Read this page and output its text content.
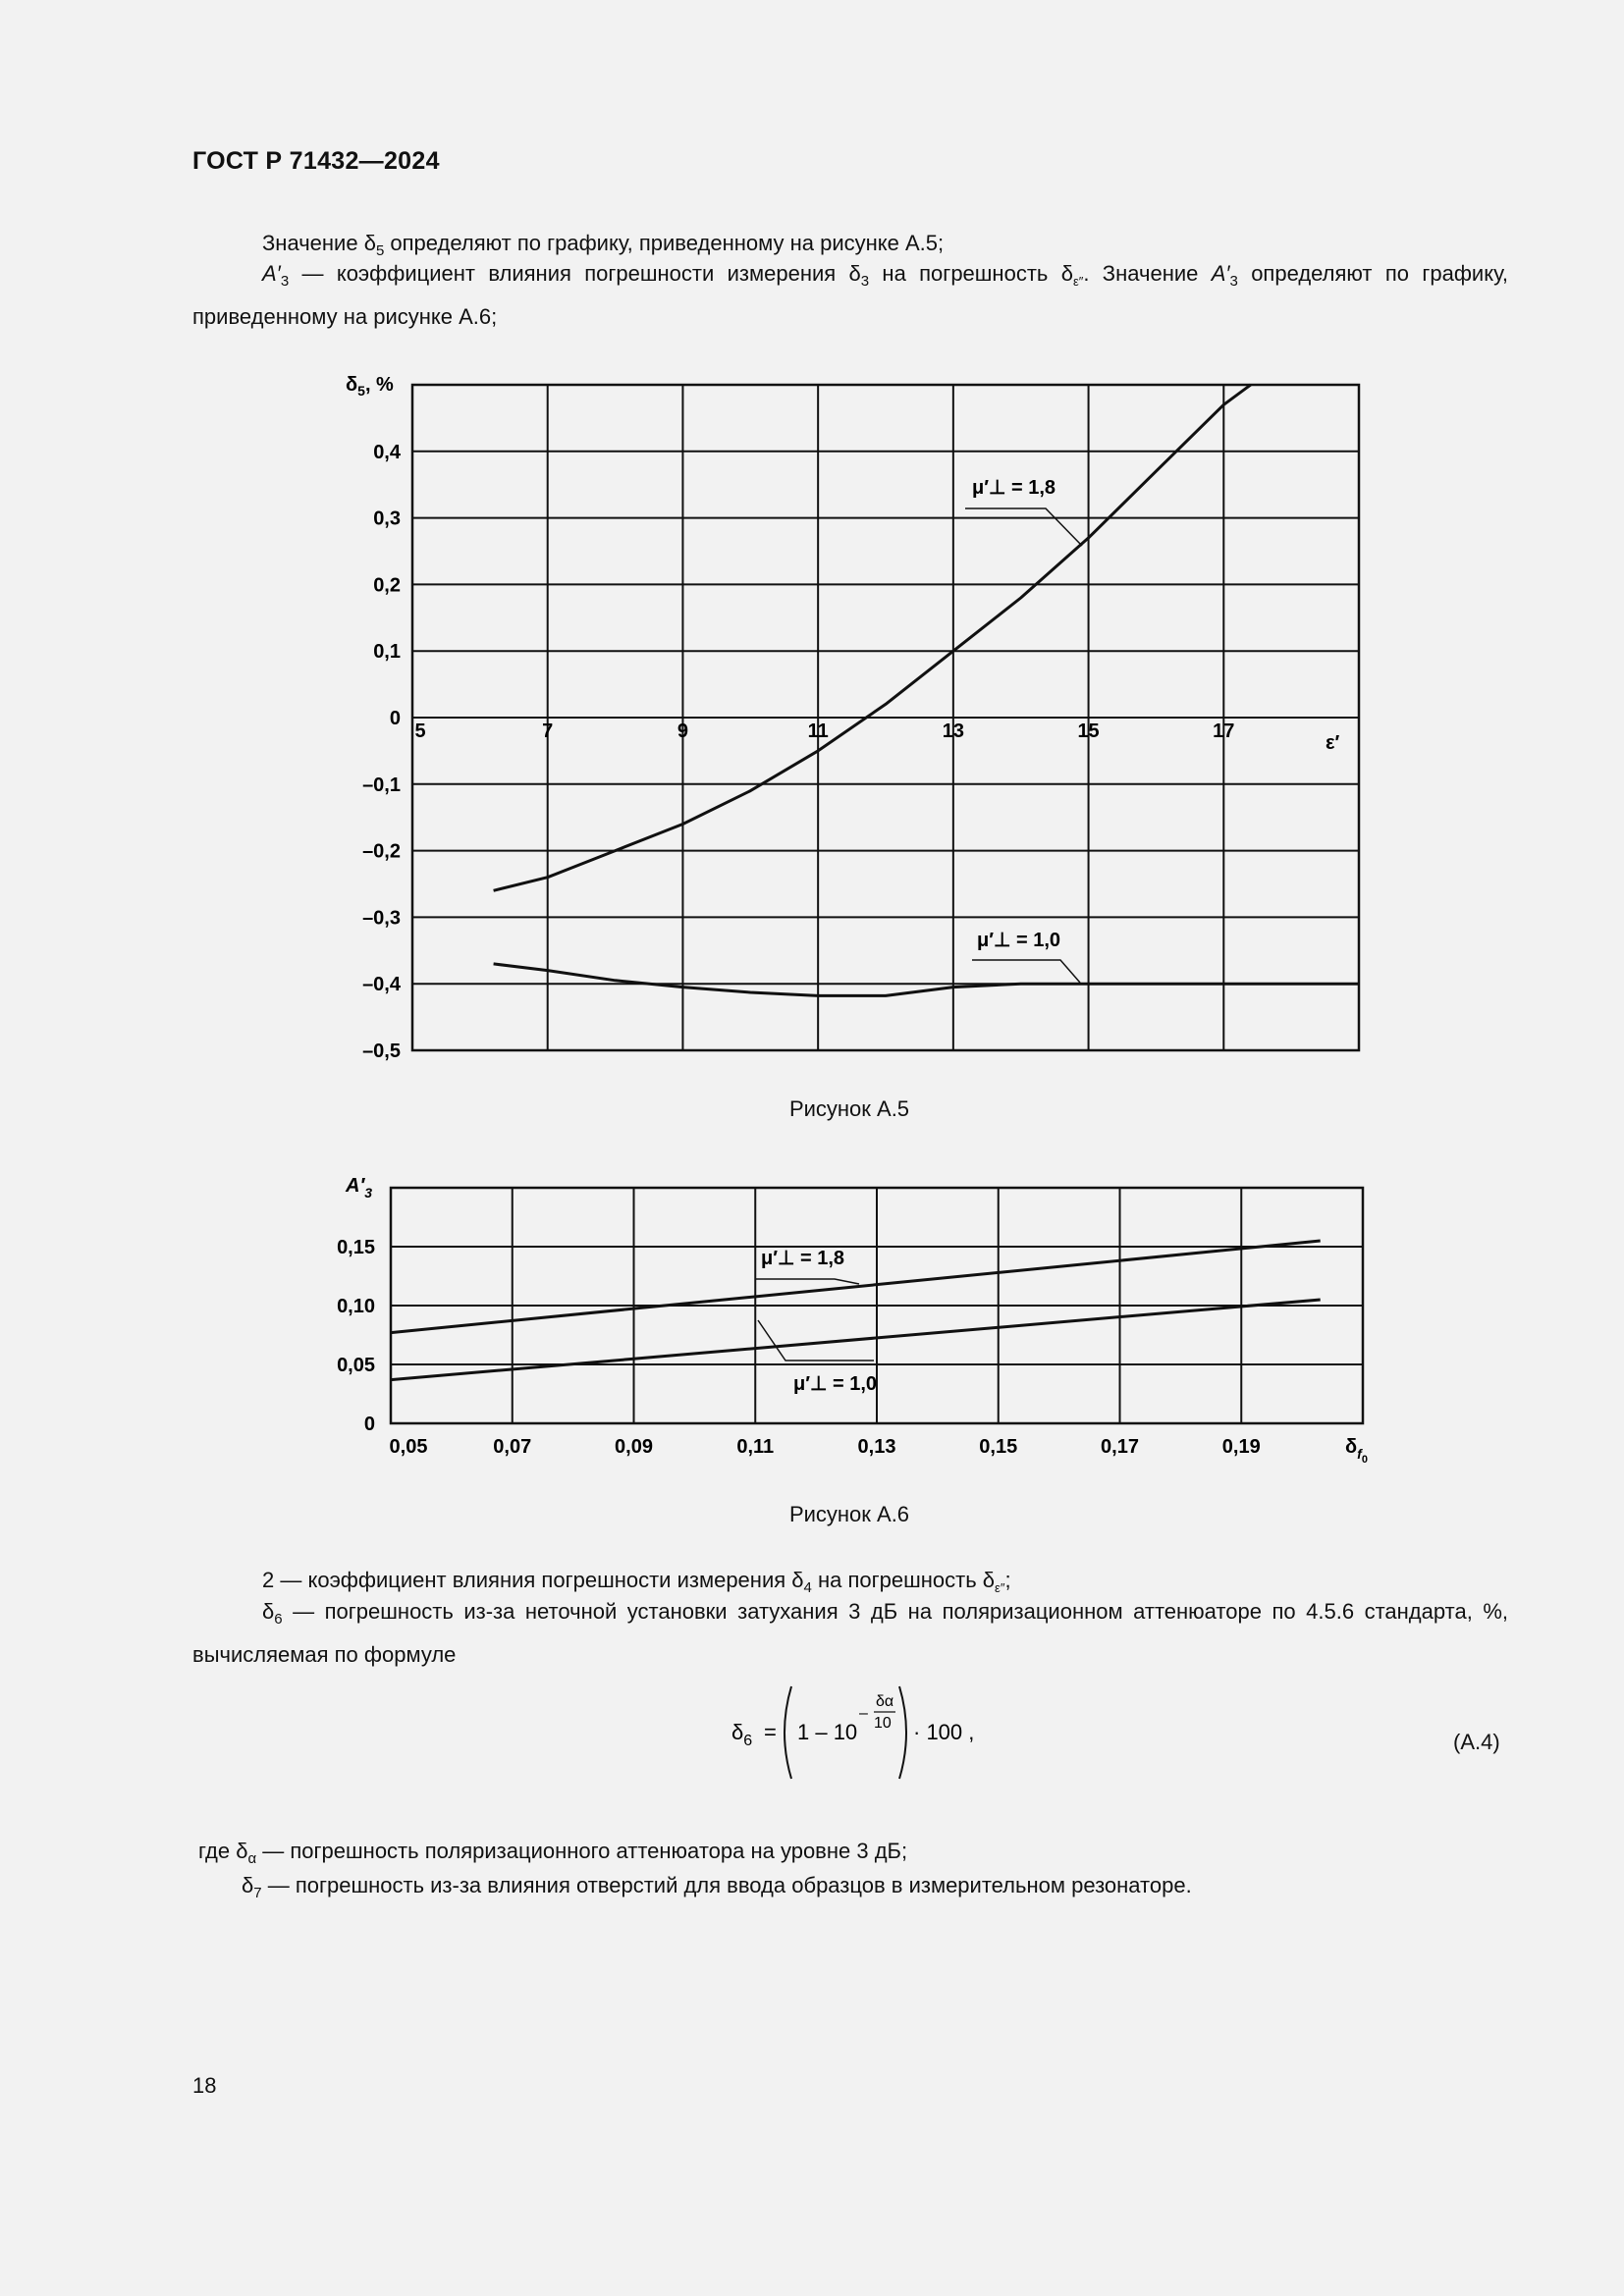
ГОСТ Р 71432—2024
Значение $\delta_5$ определяют по графику, приведенному на рисунке А.5;
$A'_3$ — коэффициент влияния погрешности измерения $\delta_3$ на погрешность $\delta_{\varepsilon''}$. Значение $A'_3$ определяют по графику, приведенному на рисунке А.6;
5	7	9	11	13	15	17
0,4
0,3
0,2
0,1
0
–0,1
–0,2
–0,3
–0,4
–0,5
$\delta_5$, %
ε′
μ′⊥ = 1,8
μ′⊥ = 1,0
Рисунок А.5
0,05	0,07	0,09	0,11	0,13	0,15	0,17	0,19
0,15
0,10
0,05
0
$A'_3$
$\delta_{f0}$
μ′⊥ = 1,8
μ′⊥ = 1,0
Рисунок А.6
2 — коэффициент влияния погрешности измерения $\delta_4$ на погрешность $\delta_{\varepsilon''}$;
$\delta_6$ — погрешность из-за неточной установки затухания 3 дБ на поляризационном аттенюаторе по 4.5.6 стандарта, %, вычисляемая по формуле
$\delta_6 = 1 - 10$
–
δα
10 · 100 ,	(А.4)
где $\delta_\alpha$ — погрешность поляризационного аттенюатора на уровне 3 дБ;
$\delta_7$ — погрешность из-за влияния отверстий для ввода образцов в измерительном резонаторе.
18
